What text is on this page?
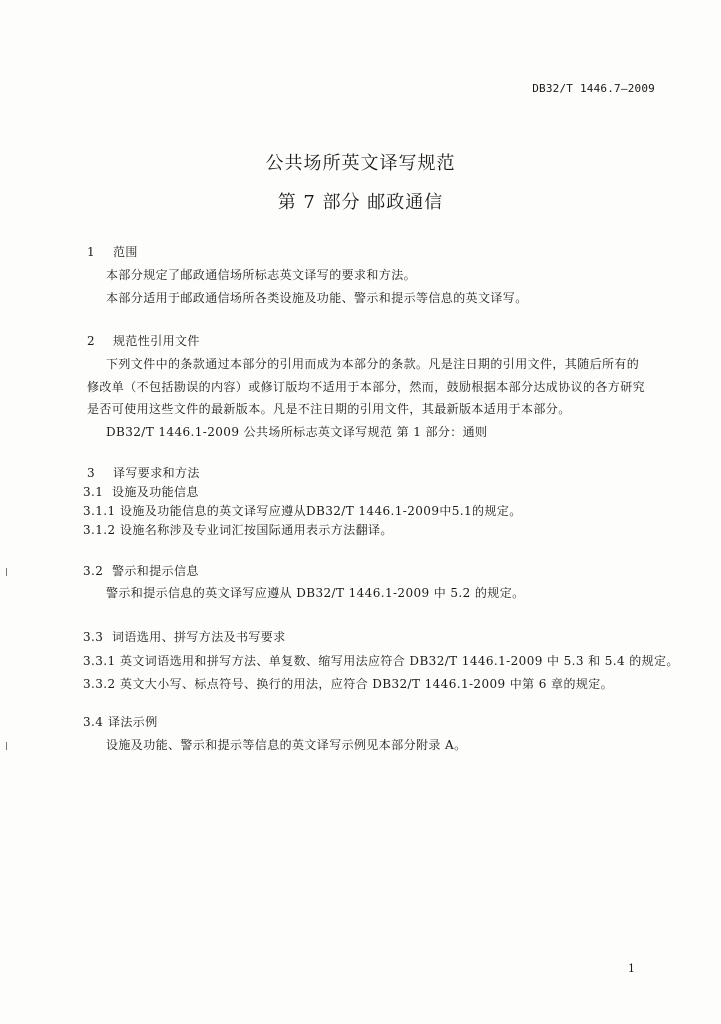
DB32/T 1446.7—2009
公共场所英文译写规范
第 7 部分 邮政通信
1 范围
本部分规定了邮政通信场所标志英文译写的要求和方法。
本部分适用于邮政通信场所各类设施及功能、警示和提示等信息的英文译写。
2 规范性引用文件
下列文件中的条款通过本部分的引用而成为本部分的条款。凡是注日期的引用文件，其随后所有的
修改单（不包括勘误的内容）或修订版均不适用于本部分，然而，鼓励根据本部分达成协议的各方研究
是否可使用这些文件的最新版本。凡是不注日期的引用文件，其最新版本适用于本部分。
DB32/T 1446.1-2009 公共场所标志英文译写规范 第 1 部分：通则
3 译写要求和方法
3.1 设施及功能信息
3.1.1 设施及功能信息的英文译写应遵从DB32/T 1446.1-2009中5.1的规定。
3.1.2 设施名称涉及专业词汇按国际通用表示方法翻译。
3.2 警示和提示信息
警示和提示信息的英文译写应遵从 DB32/T 1446.1-2009 中 5.2 的规定。
3.3 词语选用、拼写方法及书写要求
3.3.1 英文词语选用和拼写方法、单复数、缩写用法应符合 DB32/T 1446.1-2009 中 5.3 和 5.4 的规定。
3.3.2 英文大小写、标点符号、换行的用法，应符合 DB32/T 1446.1-2009 中第 6 章的规定。
3.4 译法示例
设施及功能、警示和提示等信息的英文译写示例见本部分附录 A。
1
